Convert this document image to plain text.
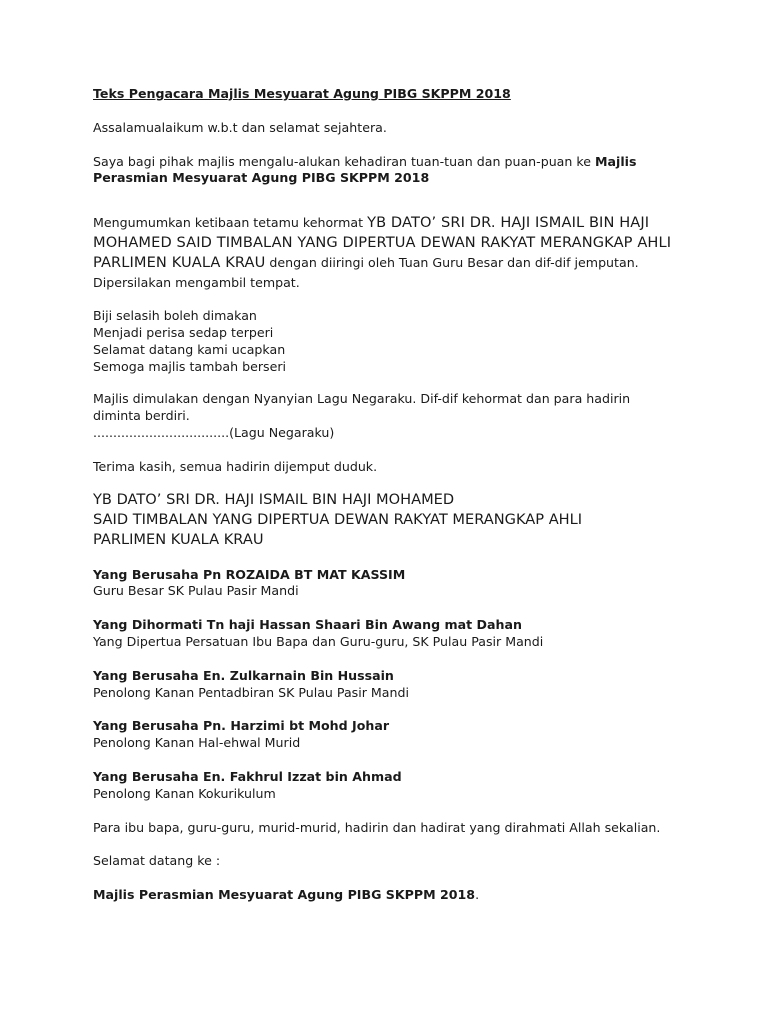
Teks Pengacara Majlis Mesyuarat Agung PIBG SKPPM 2018

Assalamualaikum w.b.t dan selamat sejahtera.

Saya bagi pihak majlis mengalu-alukan kehadiran tuan-tuan dan puan-puan ke Majlis Perasmian Mesyuarat Agung PIBG SKPPM 2018

Mengumumkan ketibaan tetamu kehormat YB DATO’ SRI DR. HAJI ISMAIL BIN HAJI MOHAMED SAID TIMBALAN YANG DIPERTUA DEWAN RAKYAT MERANGKAP AHLI PARLIMEN KUALA KRAU dengan diiringi oleh Tuan Guru Besar dan dif-dif jemputan. Dipersilakan mengambil tempat.

Biji selasih boleh dimakan
Menjadi perisa sedap terperi
Selamat datang kami ucapkan
Semoga majlis tambah berseri
Majlis dimulakan dengan Nyanyian Lagu Negaraku. Dif-dif kehormat dan para hadirin diminta berdiri.
..................................(Lagu Negaraku)

Terima kasih, semua hadirin dijemput duduk.

YB DATO’ SRI DR. HAJI ISMAIL BIN HAJI MOHAMED

SAID TIMBALAN YANG DIPERTUA DEWAN RAKYAT MERANGKAP AHLI

PARLIMEN KUALA KRAU

Yang Berusaha Pn ROZAIDA BT MAT KASSIM

Guru Besar SK Pulau Pasir Mandi

Yang Dihormati Tn haji Hassan Shaari Bin Awang mat Dahan

Yang Dipertua Persatuan Ibu Bapa dan Guru-guru, SK Pulau Pasir Mandi

Yang Berusaha En. Zulkarnain Bin Hussain

Penolong Kanan Pentadbiran SK Pulau Pasir Mandi

Yang Berusaha Pn. Harzimi bt Mohd Johar

Penolong Kanan Hal-ehwal Murid

Yang Berusaha En. Fakhrul Izzat bin Ahmad

Penolong Kanan Kokurikulum

Para ibu bapa, guru-guru, murid-murid, hadirin dan hadirat yang dirahmati Allah sekalian.

Selamat datang ke :

Majlis Perasmian Mesyuarat Agung PIBG SKPPM 2018.
